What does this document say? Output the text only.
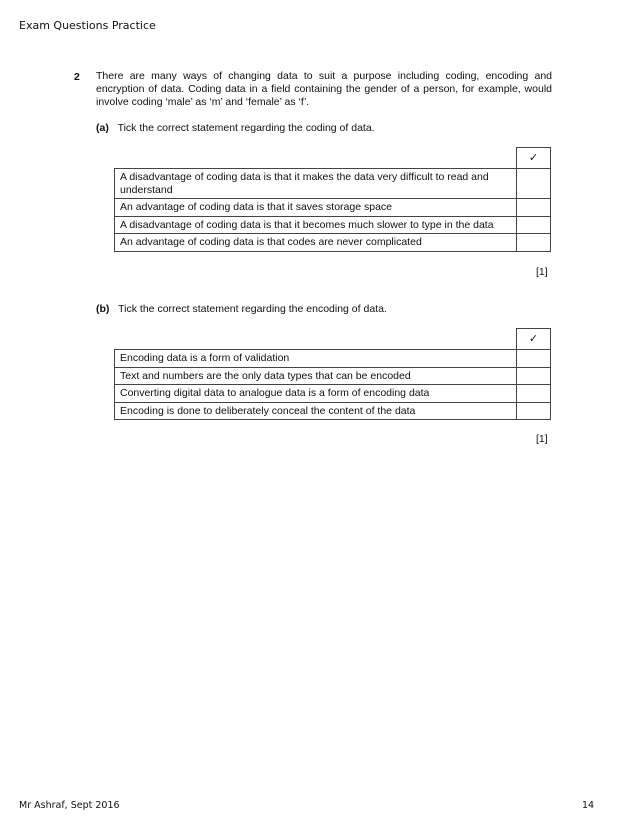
Exam Questions Practice
2 There are many ways of changing data to suit a purpose including coding, encoding and encryption of data. Coding data in a field containing the gender of a person, for example, would involve coding ‘male’ as ‘m’ and ‘female’ as ‘f’.
(a) Tick the correct statement regarding the coding of data.
	✓
A disadvantage of coding data is that it makes the data very difficult to read and understand	
An advantage of coding data is that it saves storage space	
A disadvantage of coding data is that it becomes much slower to type in the data	
An advantage of coding data is that codes are never complicated	
[1]
(b) Tick the correct statement regarding the encoding of data.
	✓
Encoding data is a form of validation	
Text and numbers are the only data types that can be encoded	
Converting digital data to analogue data is a form of encoding data	
Encoding is done to deliberately conceal the content of the data	
[1]
Mr Ashraf, Sept 2016	14
